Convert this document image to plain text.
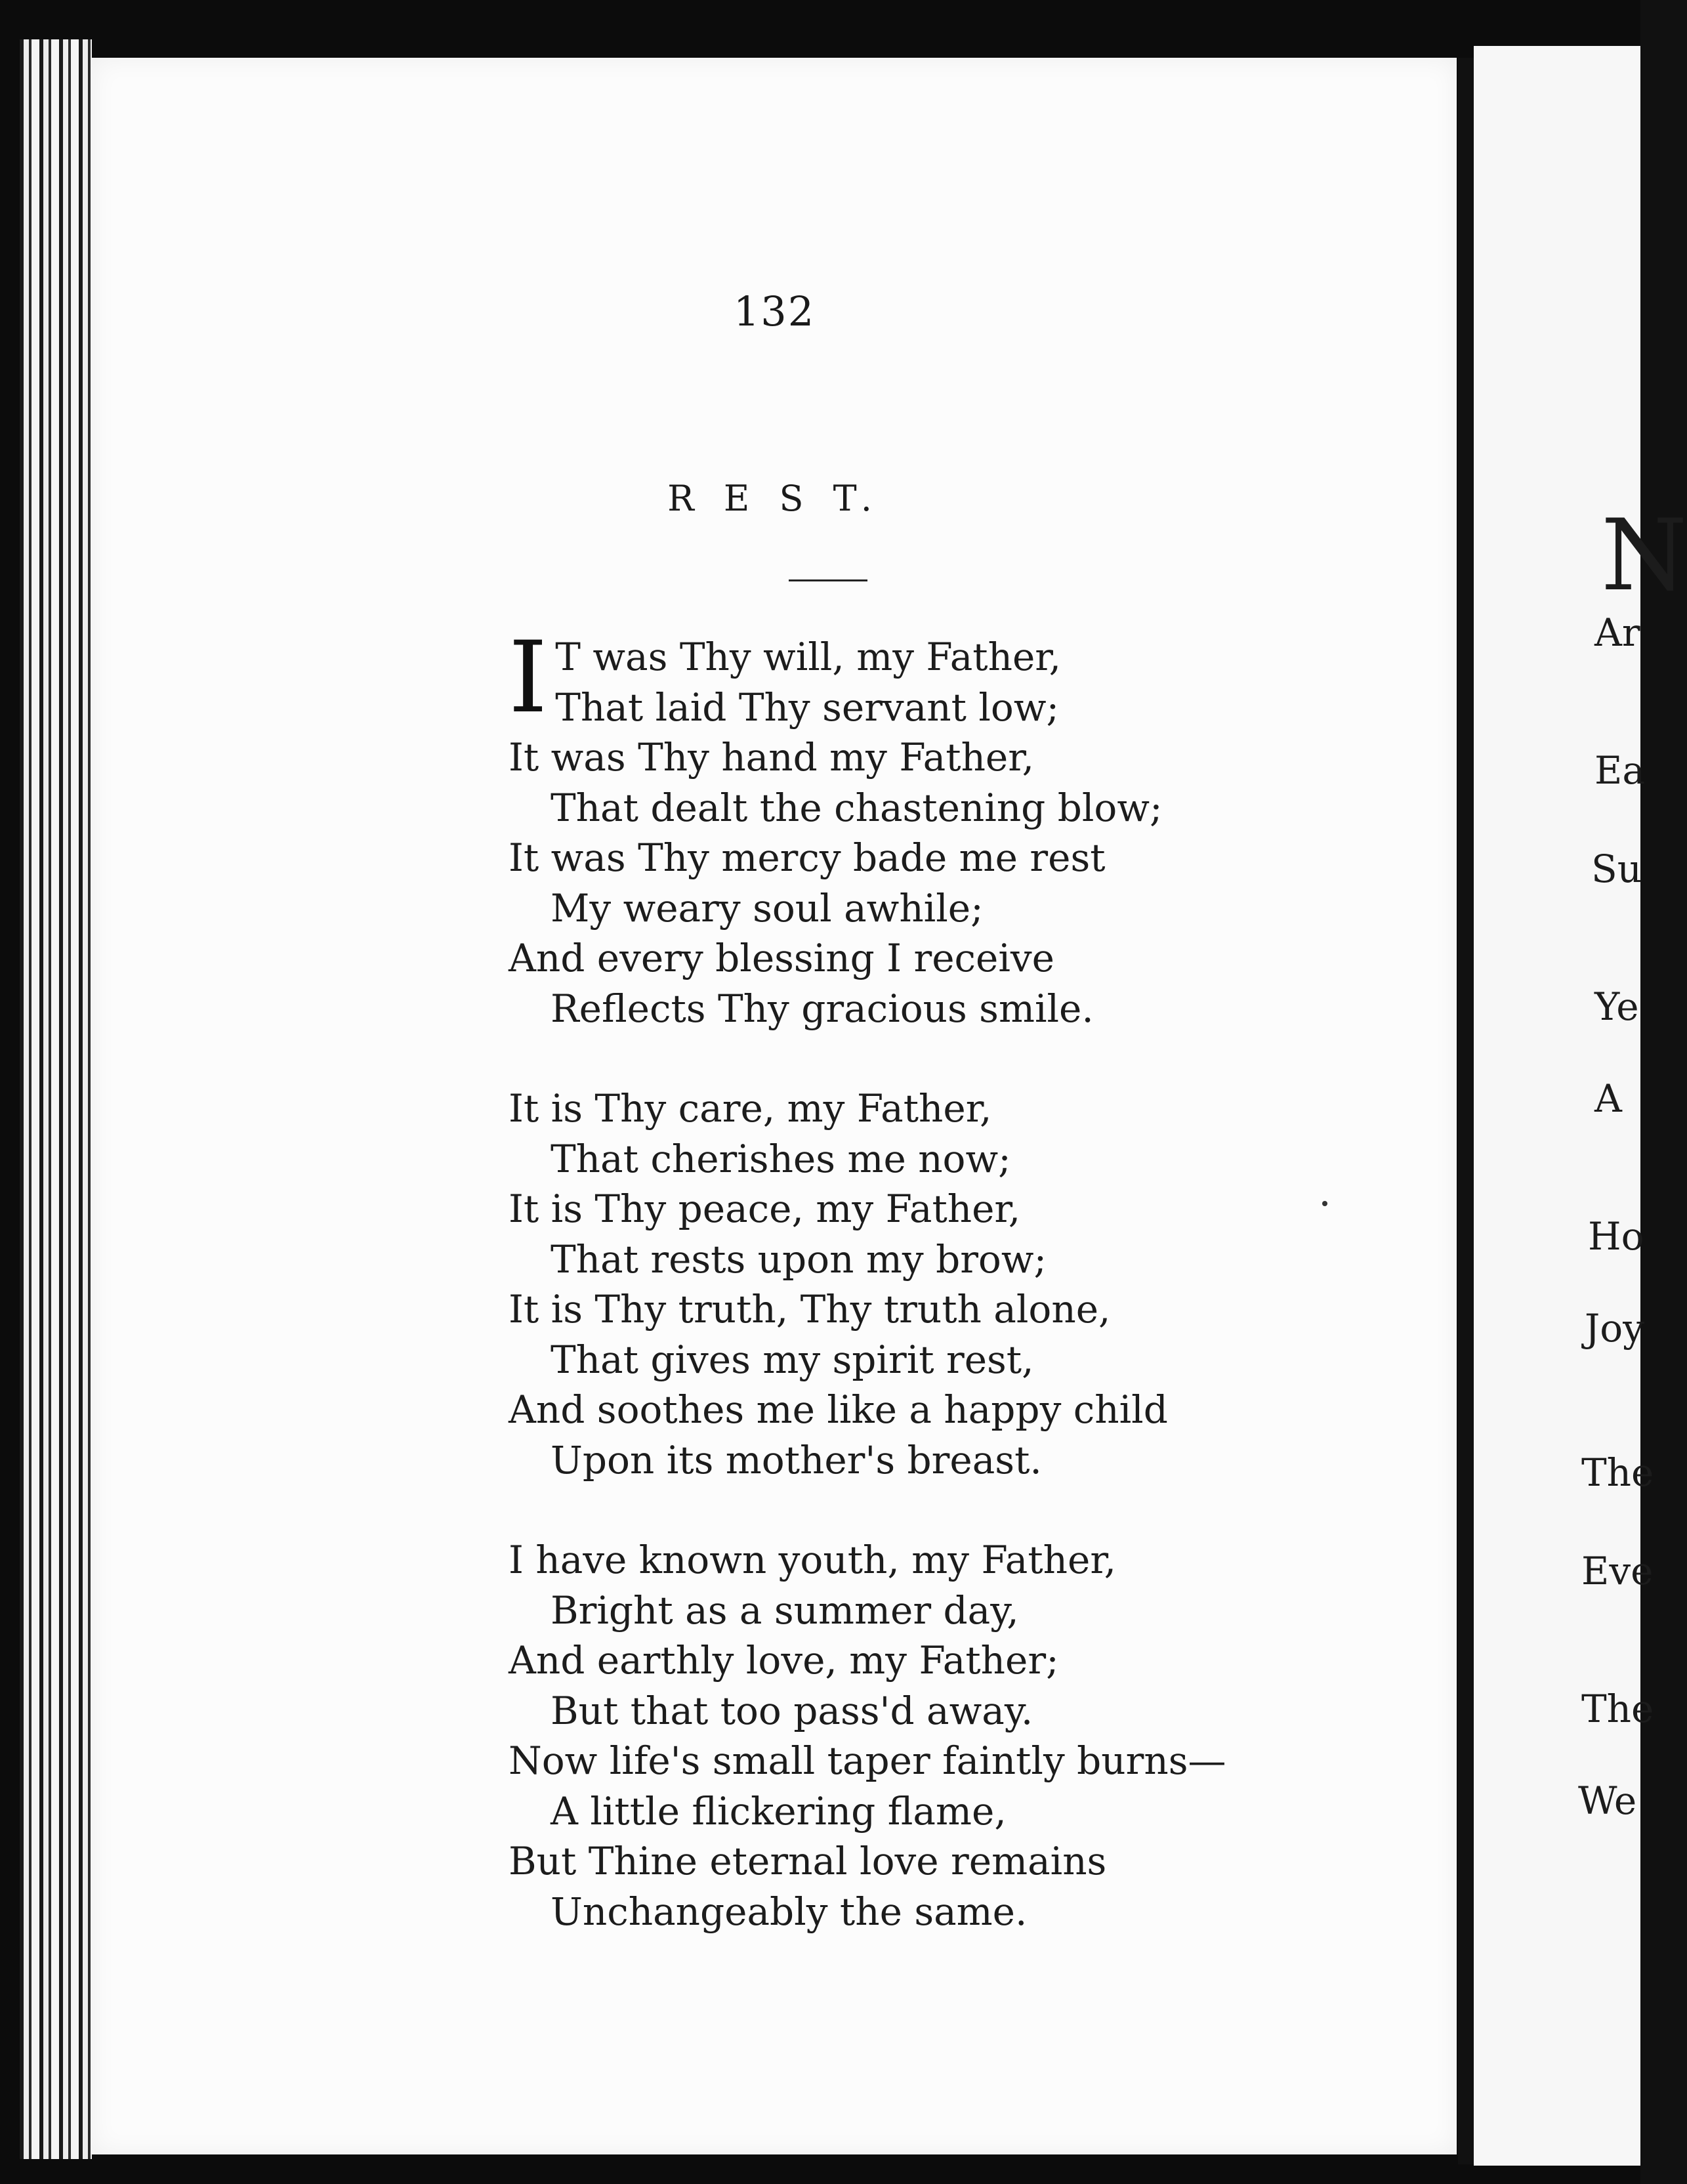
132
R E S T.
I T was Thy will, my Father,
That laid Thy servant low;
It was Thy hand my Father,
That dealt the chastening blow;
It was Thy mercy bade me rest
My weary soul awhile;
And every blessing I receive
Reflects Thy gracious smile.
It is Thy care, my Father,
That cherishes me now;
It is Thy peace, my Father,
That rests upon my brow;
It is Thy truth, Thy truth alone,
That gives my spirit rest,
And soothes me like a happy child
Upon its mother's breast.
I have known youth, my Father,
Bright as a summer day,
And earthly love, my Father;
But that too pass'd away.
Now life's small taper faintly burns—
A little flickering flame,
But Thine eternal love remains
Unchangeably the same.
N
Ar
Ea
Su
Ye
A
Ho
Joy
The
Eve
The
We
